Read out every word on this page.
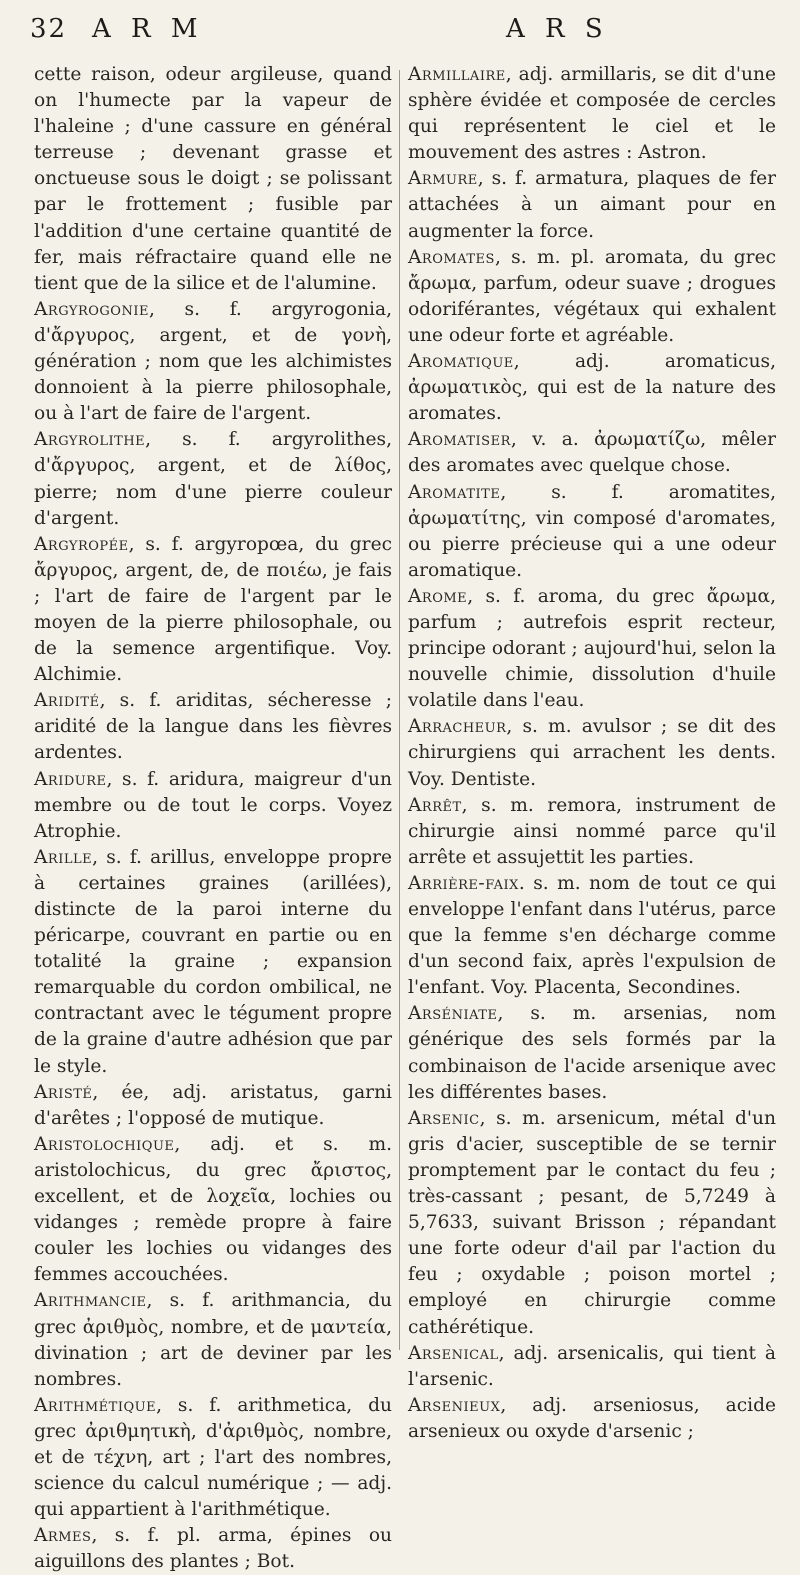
32 A R M	A R S

cette raison, odeur argileuse, quand on l'humecte par la vapeur de l'haleine ; d'une cassure en général terreuse ; devenant grasse et onctueuse sous le doigt ; se polissant par le frottement ; fusible par l'addition d'une certaine quantité de fer, mais réfractaire quand elle ne tient que de la silice et de l'alumine.

Argyrogonie, s. f. argyrogonia, d'ἄργυρος, argent, et de γονὴ, génération ; nom que les alchimistes donnoient à la pierre philosophale, ou à l'art de faire de l'argent.

Argyrolithe, s. f. argyrolithes, d'ἄργυρος, argent, et de λίθος, pierre; nom d'une pierre couleur d'argent.

Argyropée, s. f. argyropœa, du grec ἄργυρος, argent, de, de ποιέω, je fais ; l'art de faire de l'argent par le moyen de la pierre philosophale, ou de la semence argentifique. Voy. Alchimie.

Aridité, s. f. ariditas, sécheresse ; aridité de la langue dans les fièvres ardentes.

Aridure, s. f. aridura, maigreur d'un membre ou de tout le corps. Voyez Atrophie.

Arille, s. f. arillus, enveloppe propre à certaines graines (arillées), distincte de la paroi interne du péricarpe, couvrant en partie ou en totalité la graine ; expansion remarquable du cordon ombilical, ne contractant avec le tégument propre de la graine d'autre adhésion que par le style.

Aristé, ée, adj. aristatus, garni d'arêtes ; l'opposé de mutique.

Aristolochique, adj. et s. m. aristolochicus, du grec ἄριστος, excellent, et de λοχεῖα, lochies ou vidanges ; remède propre à faire couler les lochies ou vidanges des femmes accouchées.

Arithmancie, s. f. arithmancia, du grec ἀριθμὸς, nombre, et de μαντεία, divination ; art de deviner par les nombres.

Arithmétique, s. f. arithmetica, du grec ἀριθμητικὴ, d'ἀριθμὸς, nombre, et de τέχνη, art ; l'art des nombres, science du calcul numérique ; — adj. qui appartient à l'arithmétique.

Armes, s. f. pl. arma, épines ou aiguillons des plantes ; Bot.

Armillaire, adj. armillaris, se dit d'une sphère évidée et composée de cercles qui représentent le ciel et le mouvement des astres : Astron.

Armure, s. f. armatura, plaques de fer attachées à un aimant pour en augmenter la force.

Aromates, s. m. pl. aromata, du grec ἄρωμα, parfum, odeur suave ; drogues odoriférantes, végétaux qui exhalent une odeur forte et agréable.

Aromatique, adj. aromaticus, ἀρωματικὸς, qui est de la nature des aromates.

Aromatiser, v. a. ἀρωματίζω, mêler des aromates avec quelque chose.

Aromatite, s. f. aromatites, ἀρωματίτης, vin composé d'aromates, ou pierre précieuse qui a une odeur aromatique.

Arome, s. f. aroma, du grec ἄρωμα, parfum ; autrefois esprit recteur, principe odorant ; aujourd'hui, selon la nouvelle chimie, dissolution d'huile volatile dans l'eau.

Arracheur, s. m. avulsor ; se dit des chirurgiens qui arrachent les dents. Voy. Dentiste.

Arrêt, s. m. remora, instrument de chirurgie ainsi nommé parce qu'il arrête et assujettit les parties.

Arrière-faix. s. m. nom de tout ce qui enveloppe l'enfant dans l'utérus, parce que la femme s'en décharge comme d'un second faix, après l'expulsion de l'enfant. Voy. Placenta, Secondines.

Arséniate, s. m. arsenias, nom générique des sels formés par la combinaison de l'acide arsenique avec les différentes bases.

Arsenic, s. m. arsenicum, métal d'un gris d'acier, susceptible de se ternir promptement par le contact du feu ; très-cassant ; pesant, de 5,7249 à 5,7633, suivant Brisson ; répandant une forte odeur d'ail par l'action du feu ; oxydable ; poison mortel ; employé en chirurgie comme cathérétique.

Arsenical, adj. arsenicalis, qui tient à l'arsenic.

Arsenieux, adj. arseniosus, acide arsenieux ou oxyde d'arsenic ;
